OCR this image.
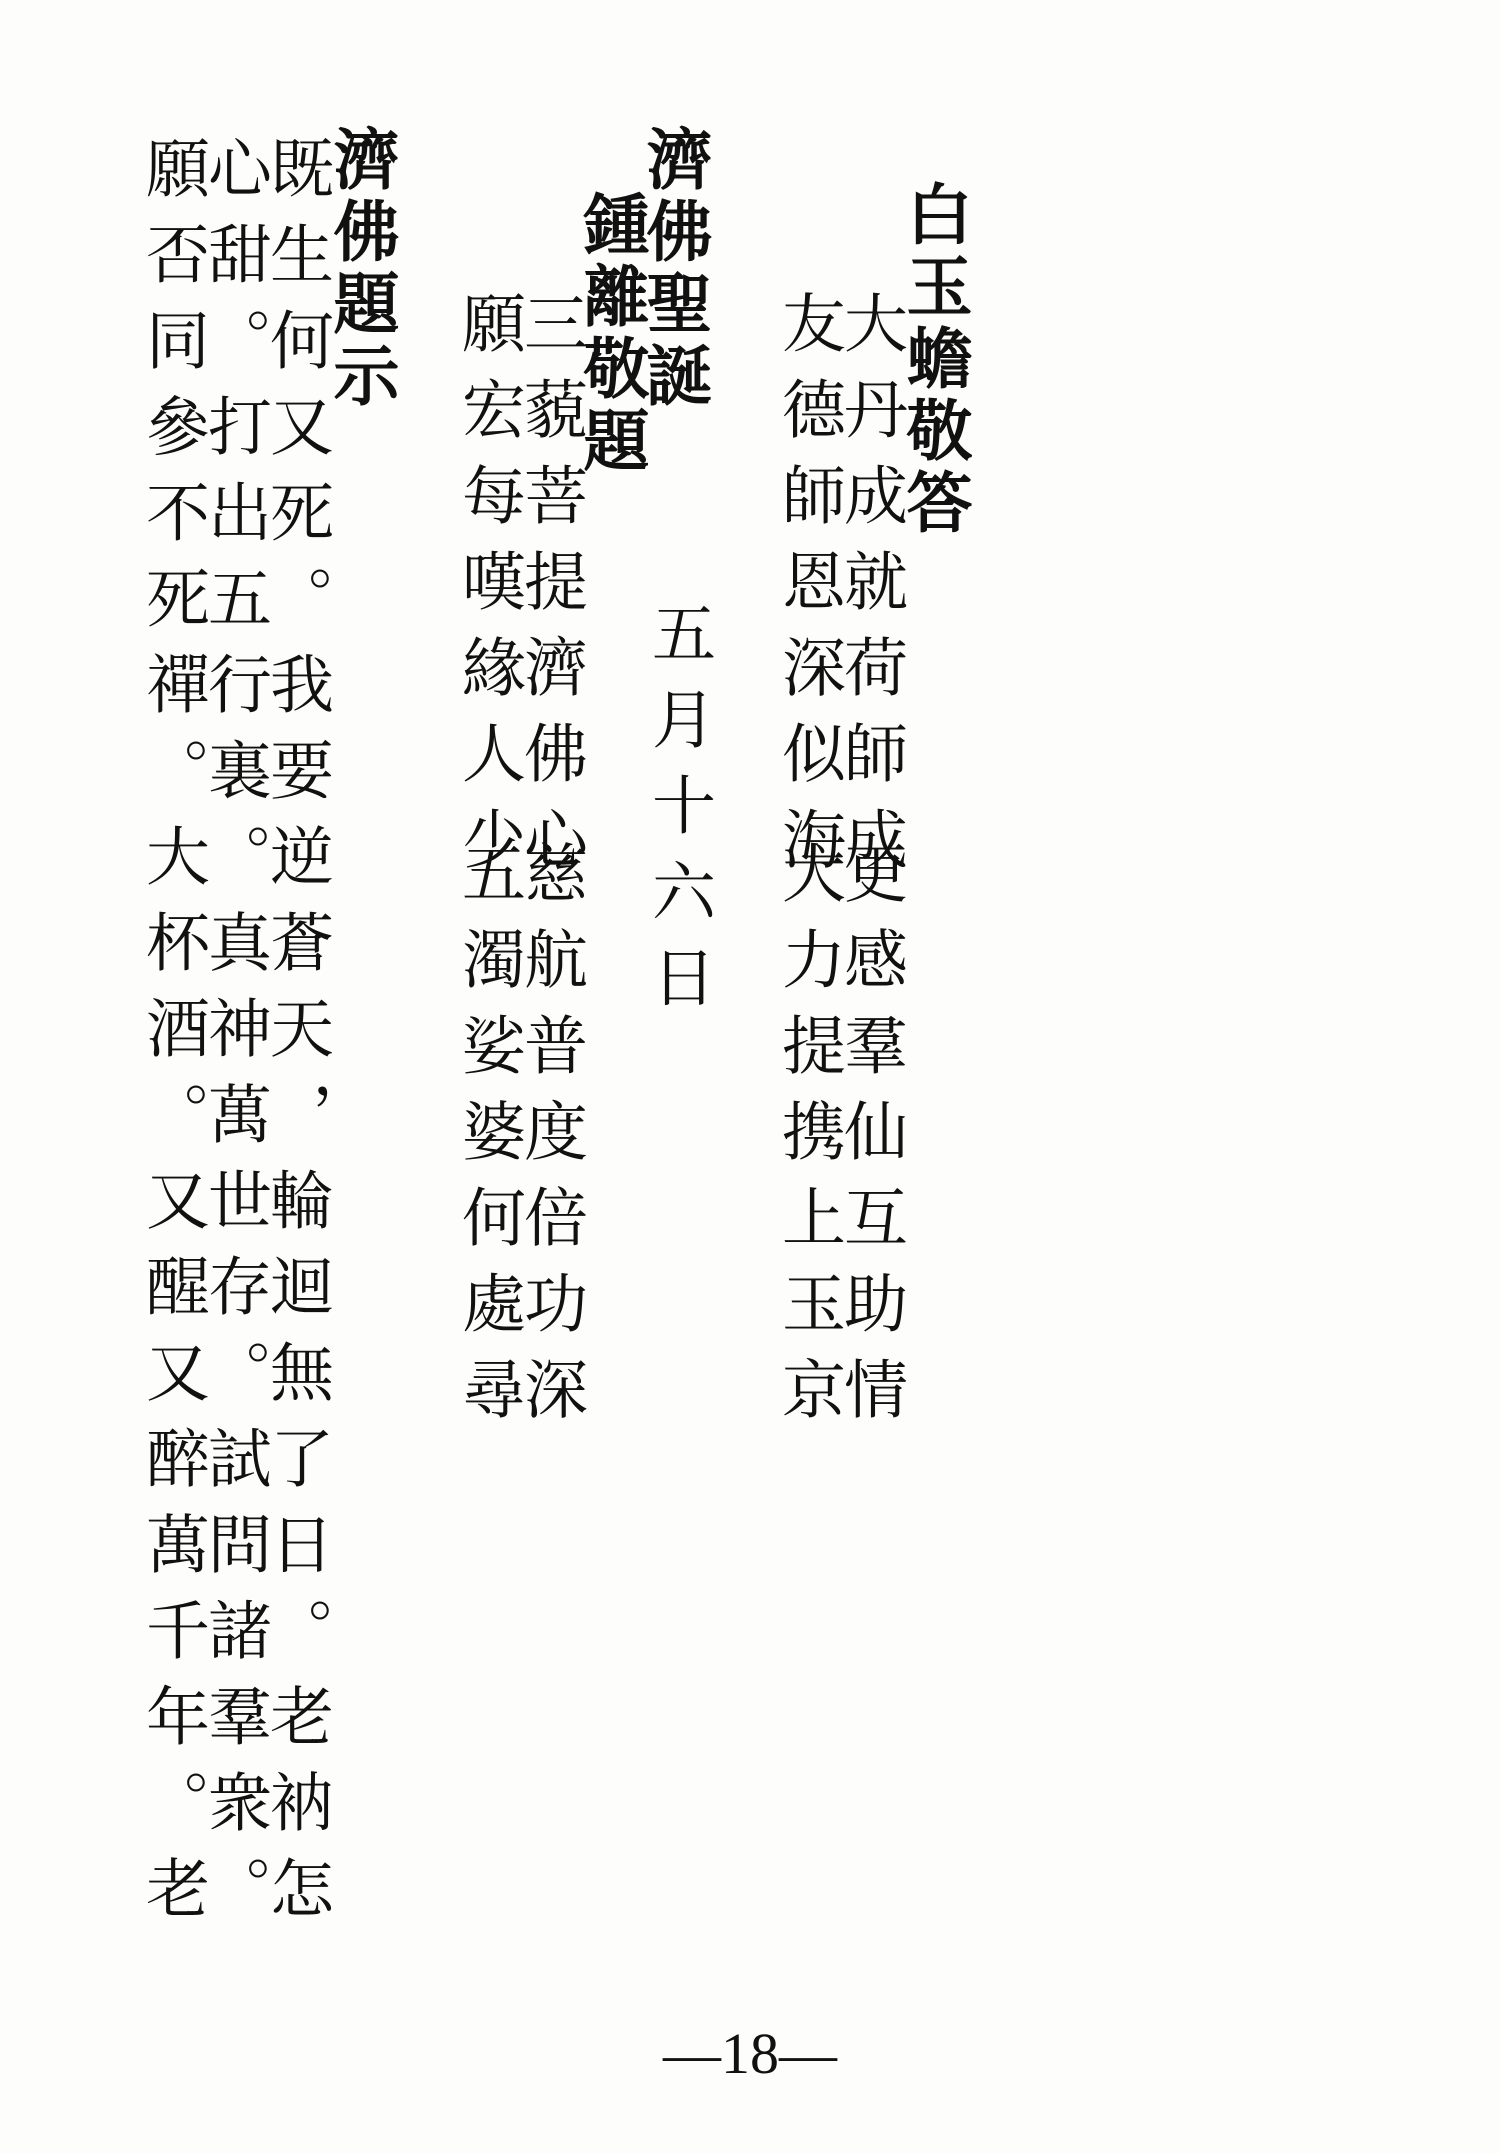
白玉蟾敬答
大丹成就荷師成
友德師恩深似海
更感羣仙互助情
大力提携上玉京
濟佛聖誕
五月十六日
鍾離敬題
三藐菩提濟佛心
願宏每嘆緣人少
慈航普度倍功深
五濁娑婆何處尋
濟佛題示
既生何又死。我要逆蒼天，輪迴無了日。老衲怎
心甜。打出五行裏。真神萬世存。試問諸羣衆。
願否同參不死禪。大杯酒。又醒又醉萬千年。老
—18—
